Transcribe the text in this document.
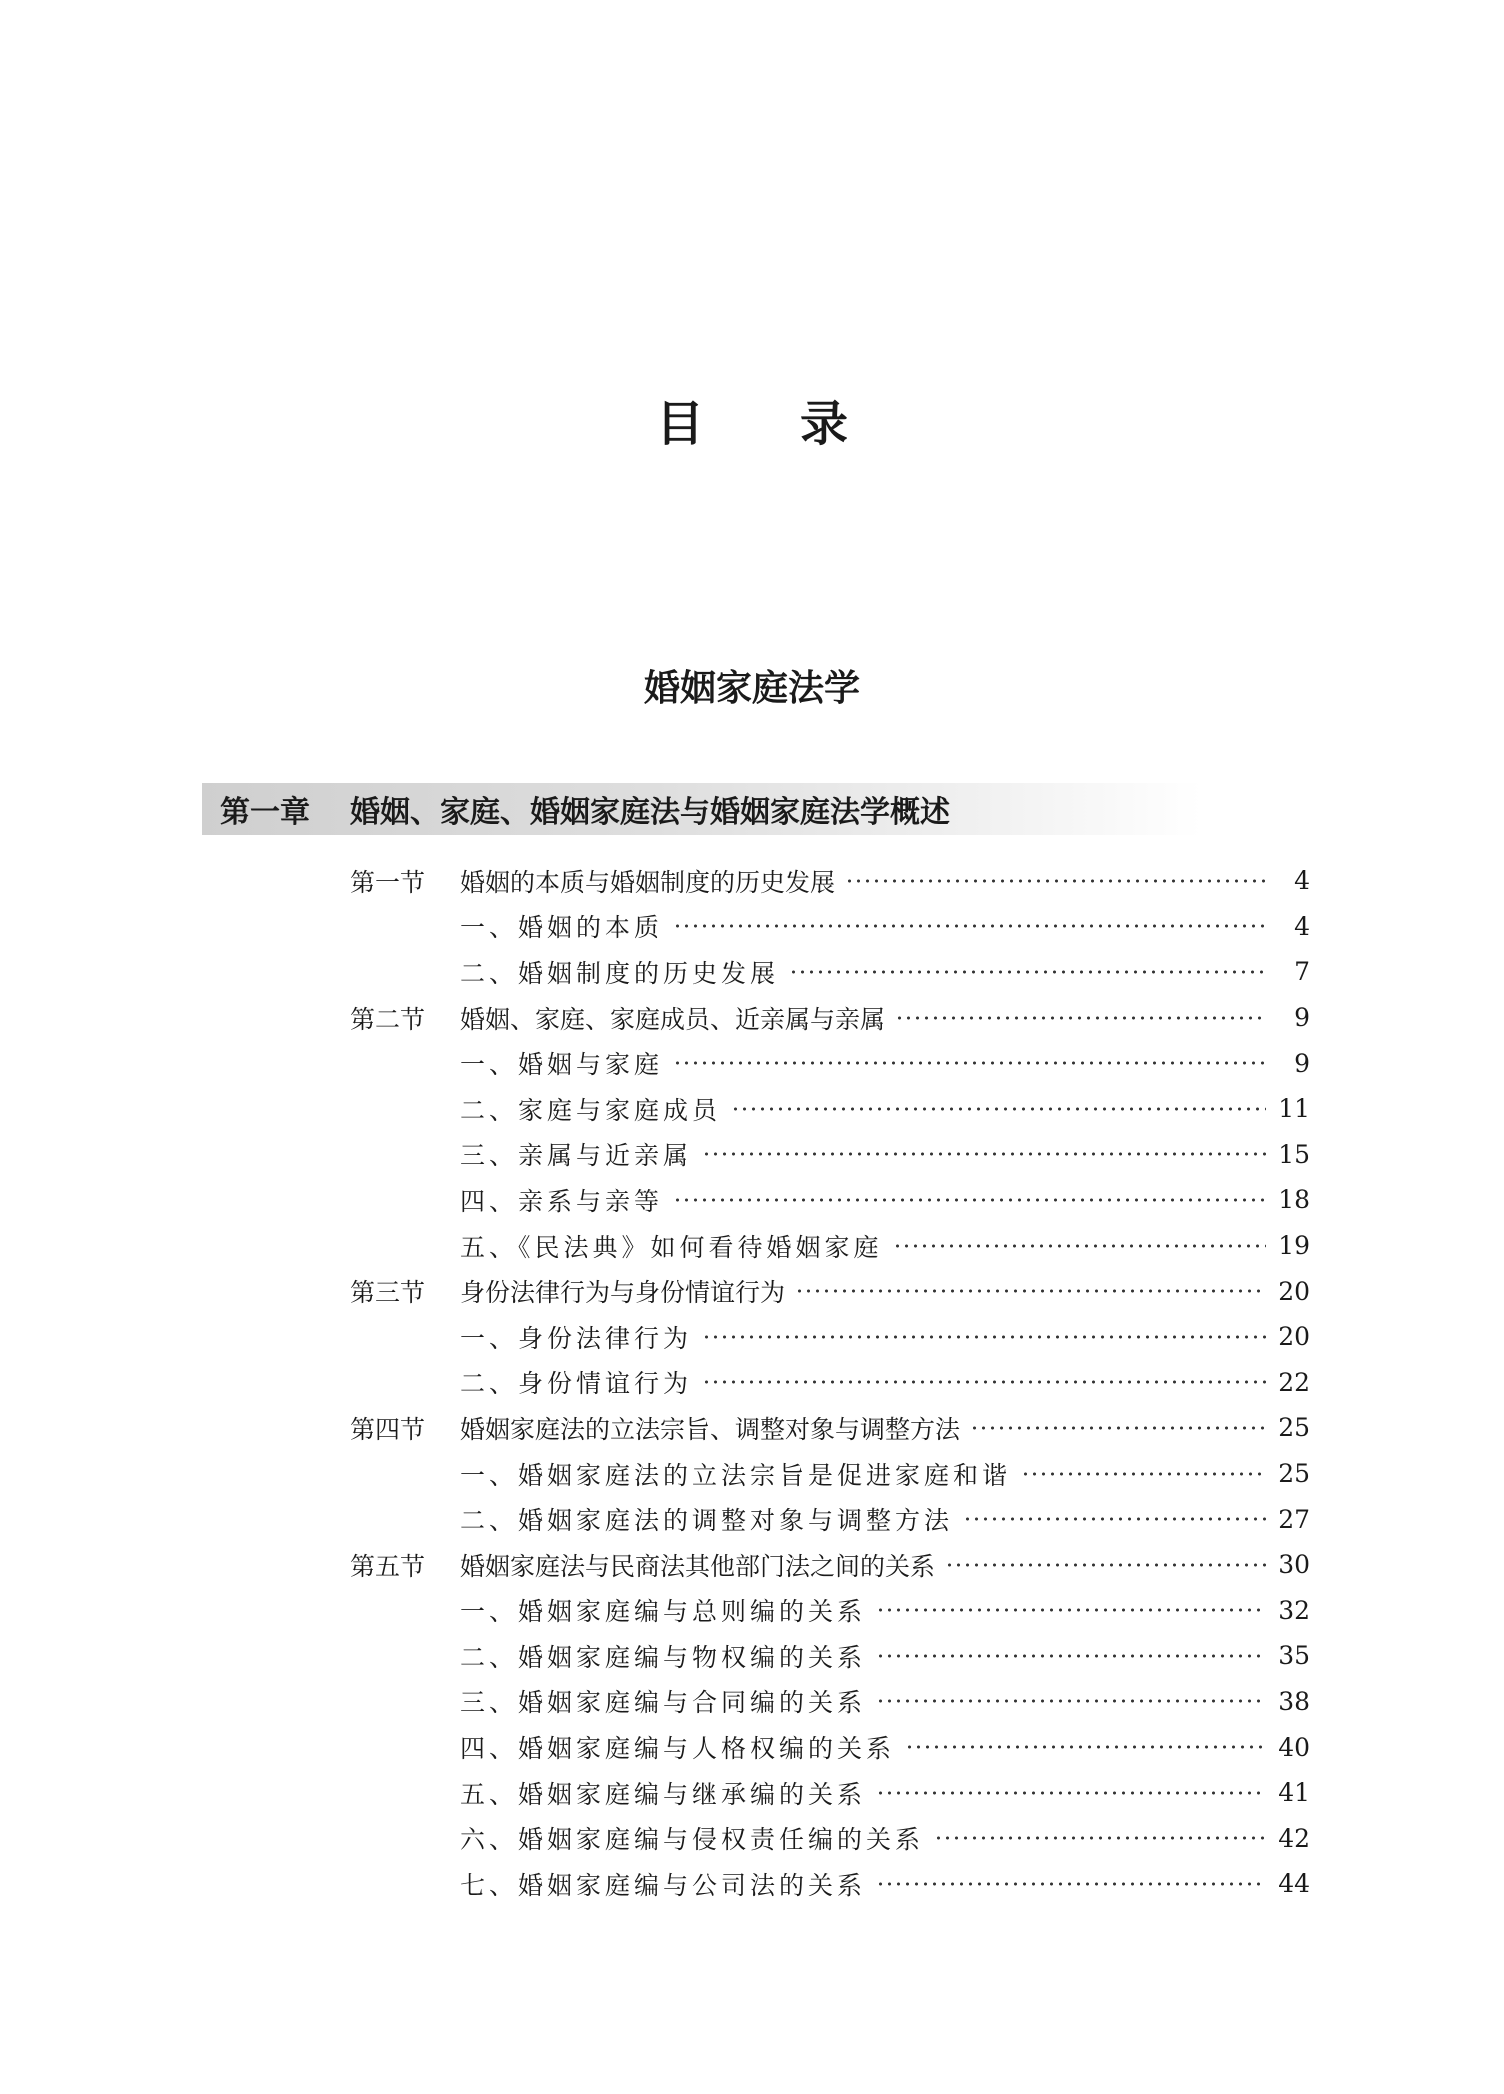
目　　录
婚姻家庭法学
第一章	婚姻、家庭、婚姻家庭法与婚姻家庭法学概述
第一节	婚姻的本质与婚姻制度的历史发展	4
一、婚姻的本质	4
二、婚姻制度的历史发展	7
第二节	婚姻、家庭、家庭成员、近亲属与亲属	9
一、婚姻与家庭	9
二、家庭与家庭成员	11
三、亲属与近亲属	15
四、亲系与亲等	18
五、《民法典》如何看待婚姻家庭	19
第三节	身份法律行为与身份情谊行为	20
一、身份法律行为	20
二、身份情谊行为	22
第四节	婚姻家庭法的立法宗旨、调整对象与调整方法	25
一、婚姻家庭法的立法宗旨是促进家庭和谐	25
二、婚姻家庭法的调整对象与调整方法	27
第五节	婚姻家庭法与民商法其他部门法之间的关系	30
一、婚姻家庭编与总则编的关系	32
二、婚姻家庭编与物权编的关系	35
三、婚姻家庭编与合同编的关系	38
四、婚姻家庭编与人格权编的关系	40
五、婚姻家庭编与继承编的关系	41
六、婚姻家庭编与侵权责任编的关系	42
七、婚姻家庭编与公司法的关系	44
